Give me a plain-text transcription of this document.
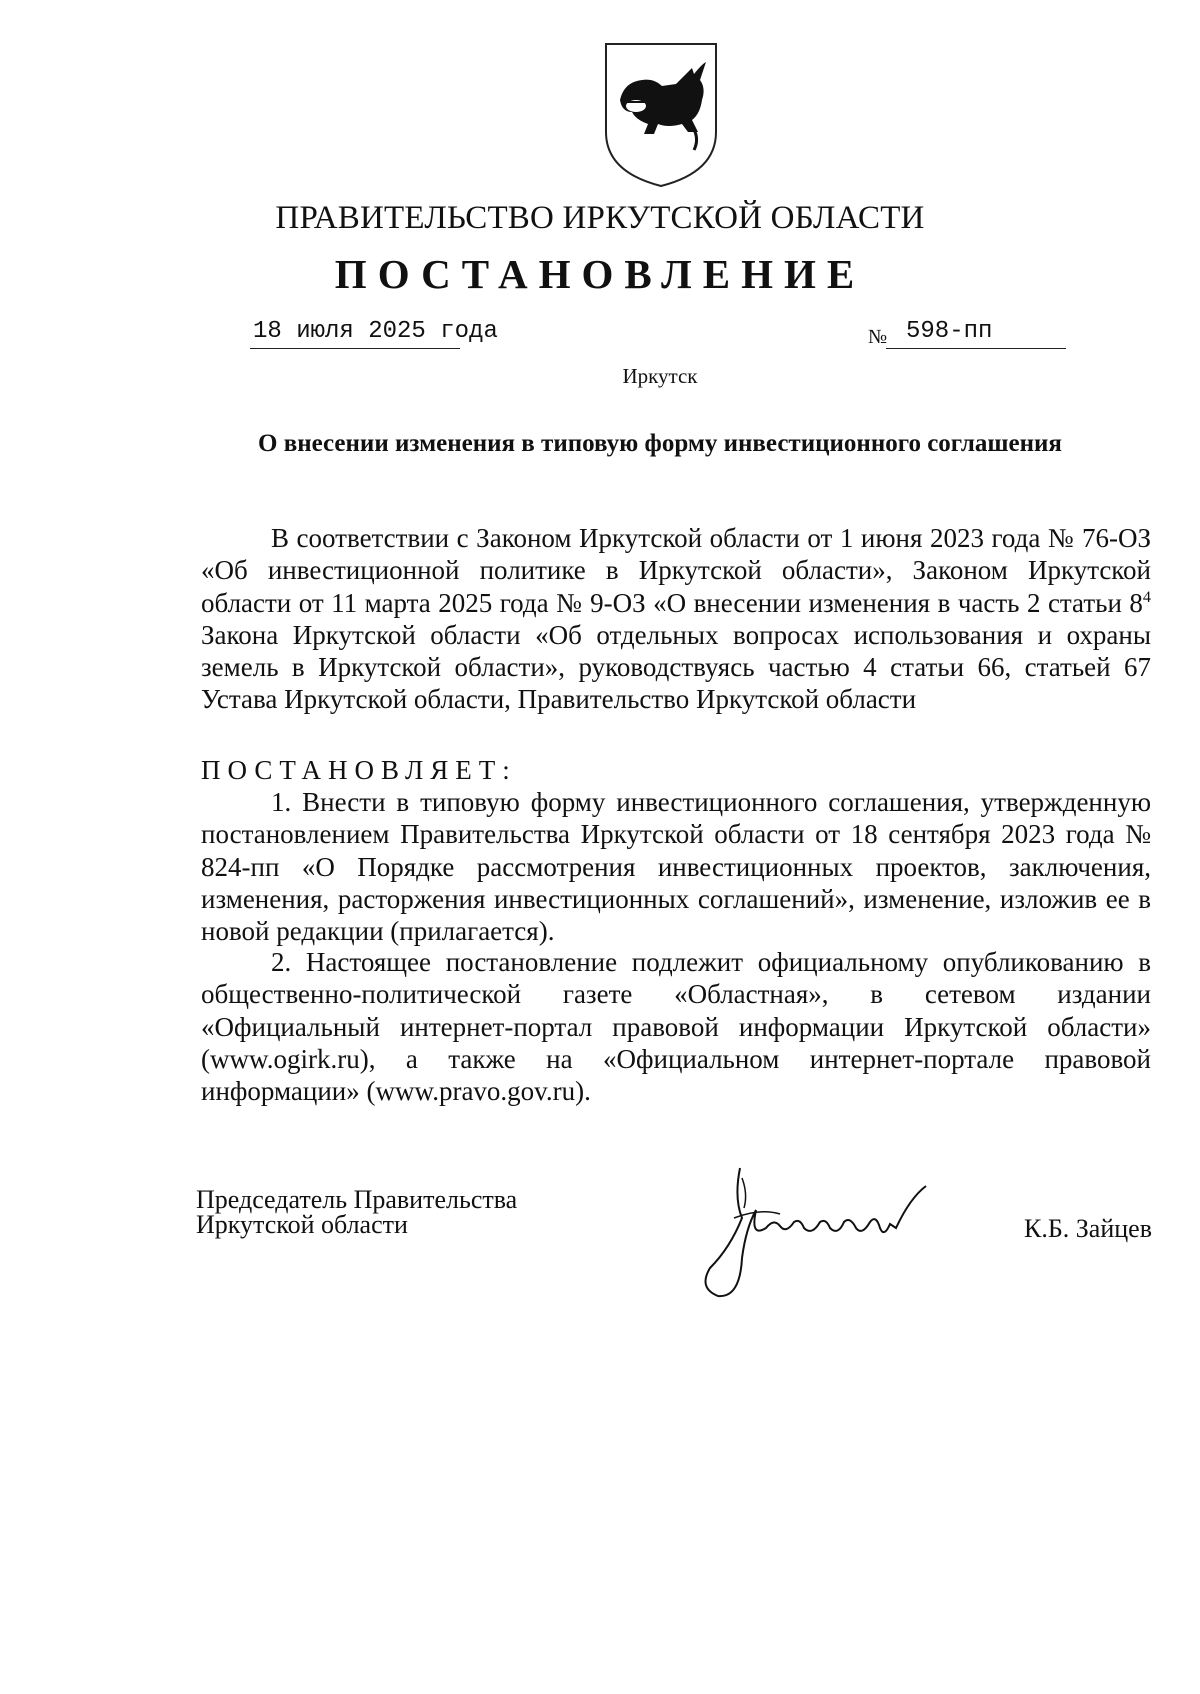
ПРАВИТЕЛЬСТВО ИРКУТСКОЙ ОБЛАСТИ
ПОСТАНОВЛЕНИЕ
18 июля 2025 года	№ 598-пп
Иркутск
О внесении изменения в типовую форму инвестиционного соглашения
В соответствии с Законом Иркутской области от 1 июня 2023 года № 76-ОЗ «Об инвестиционной политике в Иркутской области», Законом Иркутской области от 11 марта 2025 года № 9-ОЗ «О внесении изменения в часть 2 статьи $8^4$ Закона Иркутской области «Об отдельных вопросах использования и охраны земель в Иркутской области», руководствуясь частью 4 статьи 66, статьей 67 Устава Иркутской области, Правительство Иркутской области
ПОСТАНОВЛЯЕТ:
1. Внести в типовую форму инвестиционного соглашения, утвержденную постановлением Правительства Иркутской области от 18 сентября 2023 года № 824-пп «О Порядке рассмотрения инвестиционных проектов, заключения, изменения, расторжения инвестиционных соглашений», изменение, изложив ее в новой редакции (прилагается).
2. Настоящее постановление подлежит официальному опубликованию в общественно-политической газете «Областная», в сетевом издании «Официальный интернет-портал правовой информации Иркутской области» (www.ogirk.ru), а также на «Официальном интернет-портале правовой информации» (www.pravo.gov.ru).
Председатель Правительства
Иркутской области	К.Б. Зайцев
